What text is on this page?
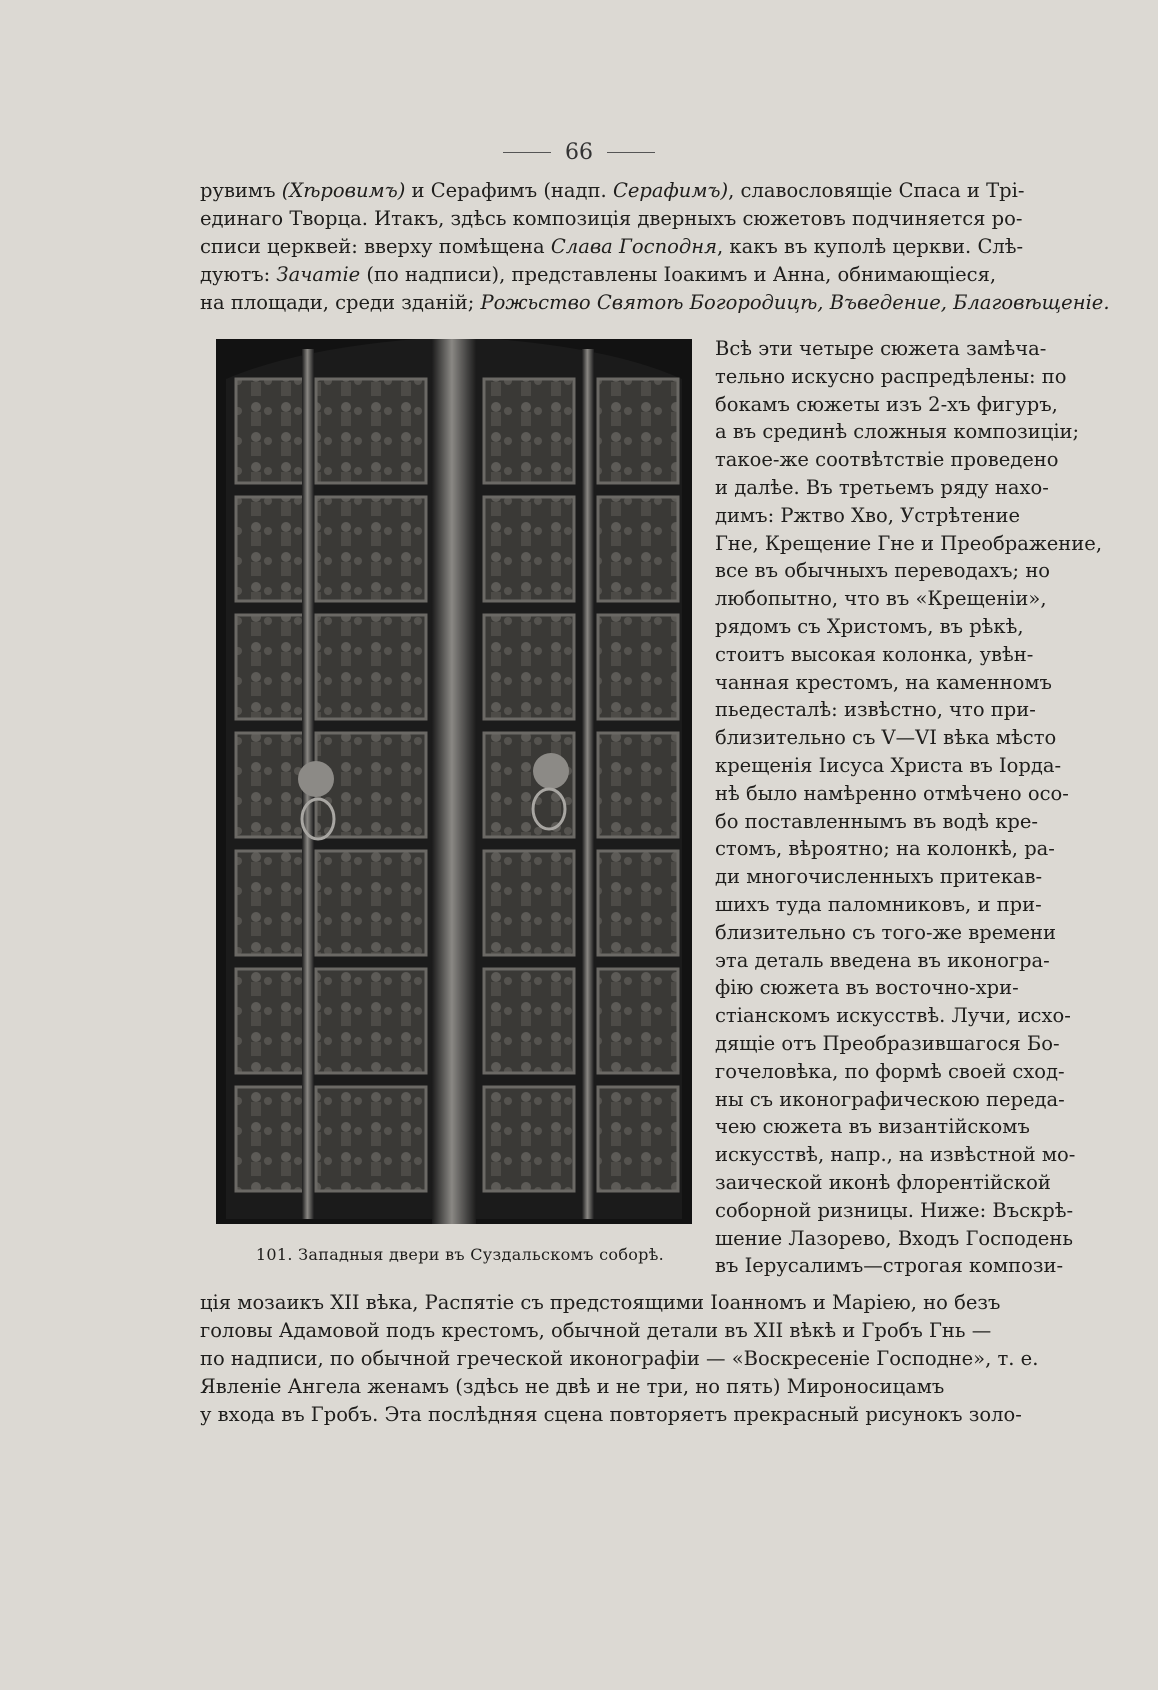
66
рувимъ (Хѣровимъ) и Серафимъ (надп. Серафимъ), славословящіе Спаса и Трі-
единаго Творца. Итакъ, здѣсь композиція дверныхъ сюжетовъ подчиняется ро-
списи церквей: вверху помѣщена Слава Господня, какъ въ куполѣ церкви. Слѣ-
дуютъ: Зачатіе (по надписи), представлены Іоакимъ и Анна, обнимающіеся,
на площади, среди зданій; Рожьство Святоѣ Богородицѣ, Въведение, Благовѣщеніе.
101. Западныя двери въ Суздальскомъ соборѣ.
Всѣ эти четыре сюжета замѣча-
тельно искусно распредѣлены: по
бокамъ сюжеты изъ 2-хъ фигуръ,
а въ срединѣ сложныя композиціи;
такое-же соотвѣтствіе проведено
и далѣе. Въ третьемъ ряду нахо-
димъ: Ржтво Хво, Устрѣтение
Гне, Крещение Гне и Преображение,
все въ обычныхъ переводахъ; но
любопытно, что въ «Крещеніи»,
рядомъ съ Христомъ, въ рѣкѣ,
стоитъ высокая колонка, увѣн-
чанная крестомъ, на каменномъ
пьедесталѣ: извѣстно, что при-
близительно съ V—VI вѣка мѣсто
крещенія Іисуса Христа въ Іорда-
нѣ было намѣренно отмѣчено осо-
бо поставленнымъ въ водѣ кре-
стомъ, вѣроятно; на колонкѣ, ра-
ди многочисленныхъ притекав-
шихъ туда паломниковъ, и при-
близительно съ того-же времени
эта деталь введена въ иконогра-
фію сюжета въ восточно-хри-
стіанскомъ искусствѣ. Лучи, исхо-
дящіе отъ Преобразившагося Бо-
гочеловѣка, по формѣ своей сход-
ны съ иконографическою переда-
чею сюжета въ византійскомъ
искусствѣ, напр., на извѣстной мо-
заической иконѣ флорентійской
соборной ризницы. Ниже: Въскрѣ-
шение Лазорево, Входъ Господень
въ Іерусалимъ—строгая компози-
ція мозаикъ XII вѣка, Распятіе съ предстоящими Іоанномъ и Маріею, но безъ
головы Адамовой подъ крестомъ, обычной детали въ XII вѣкѣ и Гробъ Гнь —
по надписи, по обычной греческой иконографіи — «Воскресеніе Господне», т. е.
Явленіе Ангела женамъ (здѣсь не двѣ и не три, но пять) Мироносицамъ
у входа въ Гробъ. Эта послѣдняя сцена повторяетъ прекрасный рисунокъ золо-
